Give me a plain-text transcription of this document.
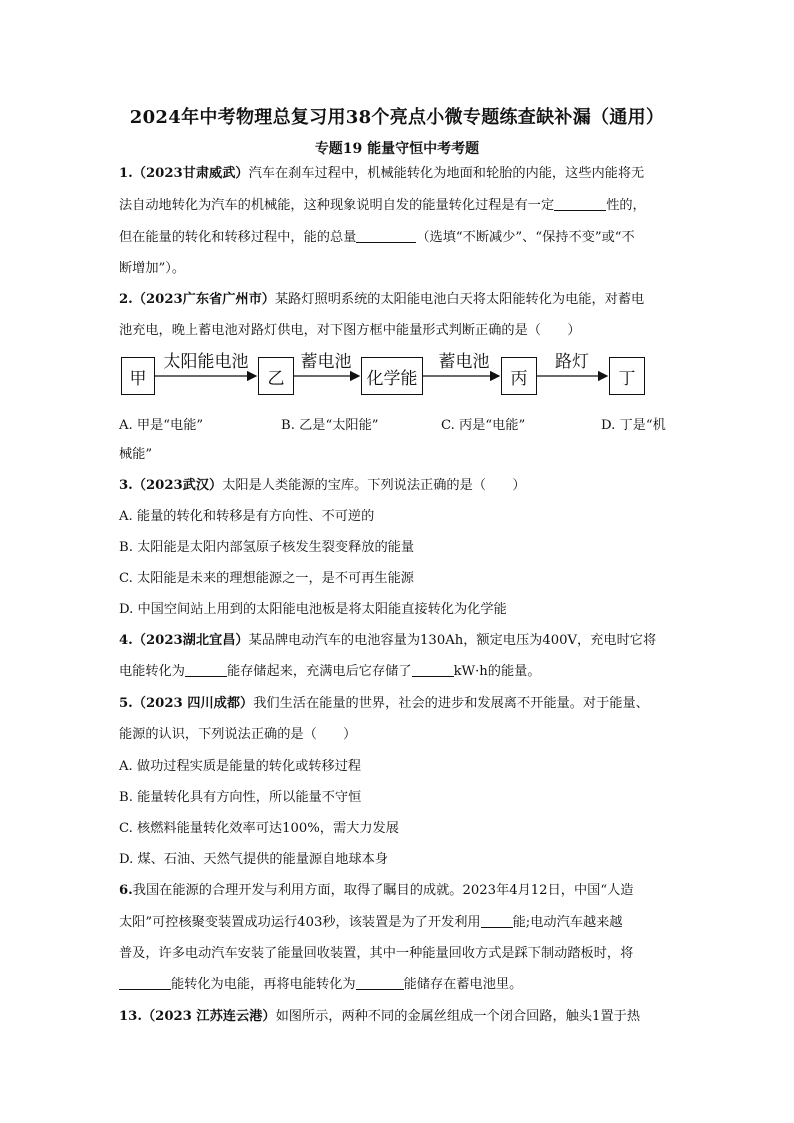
2024年中考物理总复习用38个亮点小微专题练查缺补漏（通用）
专题19 能量守恒中考考题
1.（2023甘肃威武）汽车在刹车过程中，机械能转化为地面和轮胎的内能，这些内能将无
法自动地转化为汽车的机械能，这种现象说明自发的能量转化过程是有一定	性的，
但在能量的转化和转移过程中，能的总量	（选填“不断减少”、“保持不变”或“不
断增加”）。
2.（2023广东省广州市）某路灯照明系统的太阳能电池白天将太阳能转化为电能，对蓄电
池充电，晚上蓄电池对路灯供电，对下图方框中能量形式判断正确的是（　　）
甲	乙	化学能	丙	丁
太阳能电池	蓄电池	蓄电池	路灯
A. 甲是“电能”	B. 乙是“太阳能”	C. 丙是“电能”	D. 丁是“机
械能”
3.（2023武汉）太阳是人类能源的宝库。下列说法正确的是（　　）
A. 能量的转化和转移是有方向性、不可逆的
B. 太阳能是太阳内部氢原子核发生裂变释放的能量
C. 太阳能是未来的理想能源之一，是不可再生能源
D. 中国空间站上用到的太阳能电池板是将太阳能直接转化为化学能
4.（2023湖北宜昌）某品牌电动汽车的电池容量为130Ah，额定电压为400V，充电时它将
电能转化为	能存储起来，充满电后它存储了	kW·h的能量。
5.（2023 四川成都）我们生活在能量的世界，社会的进步和发展离不开能量。对于能量、
能源的认识，下列说法正确的是（　　）
A. 做功过程实质是能量的转化或转移过程
B. 能量转化具有方向性，所以能量不守恒
C. 核燃料能量转化效率可达100%，需大力发展
D. 煤、石油、天然气提供的能量源自地球本身
6.我国在能源的合理开发与利用方面，取得了瞩目的成就。2023年4月12日，中国“人造
太阳”可控核聚变装置成功运行403秒，该装置是为了开发利用 能;电动汽车越来越
普及，许多电动汽车安装了能量回收装置，其中一种能量回收方式是踩下制动踏板时，将
能转化为电能，再将电能转化为	能储存在蓄电池里。
13.（2023 江苏连云港）如图所示，两种不同的金属丝组成一个闭合回路，触头1置于热
